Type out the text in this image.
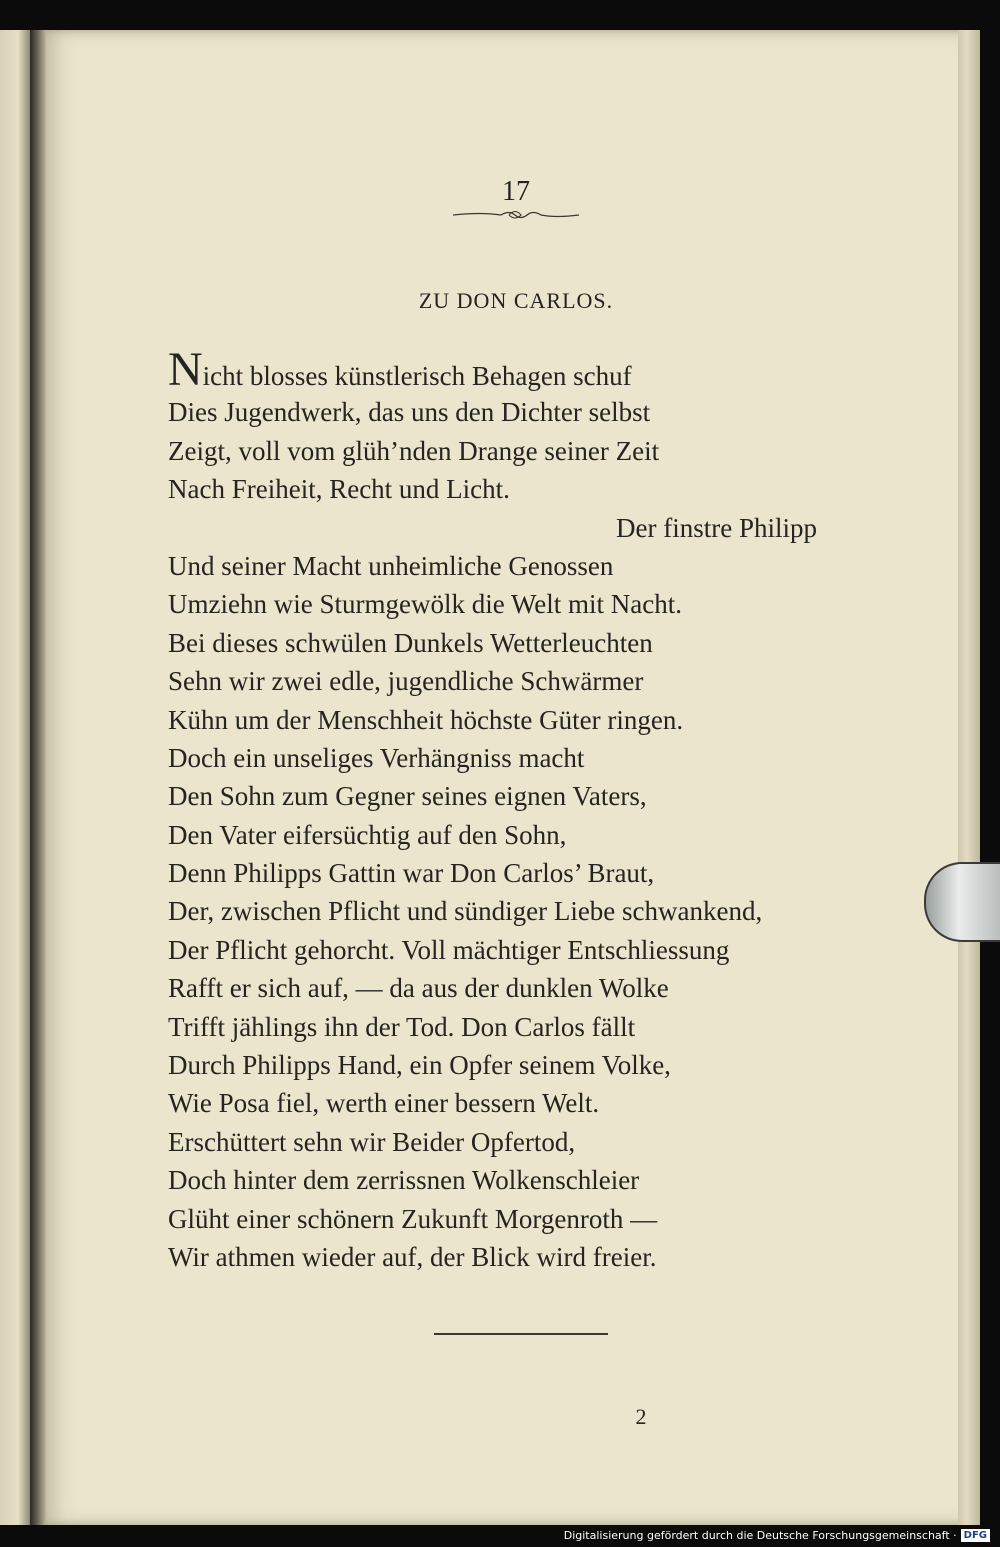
17
ZU DON CARLOS.
Nicht blosses künstlerisch Behagen schuf
Dies Jugendwerk, das uns den Dichter selbst
Zeigt, voll vom glüh’nden Drange seiner Zeit
Nach Freiheit, Recht und Licht.
Der finstre Philipp
Und seiner Macht unheimliche Genossen
Umziehn wie Sturmgewölk die Welt mit Nacht.
Bei dieses schwülen Dunkels Wetterleuchten
Sehn wir zwei edle, jugendliche Schwärmer
Kühn um der Menschheit höchste Güter ringen.
Doch ein unseliges Verhängniss macht
Den Sohn zum Gegner seines eignen Vaters,
Den Vater eifersüchtig auf den Sohn,
Denn Philipps Gattin war Don Carlos’ Braut,
Der, zwischen Pflicht und sündiger Liebe schwankend,
Der Pflicht gehorcht. Voll mächtiger Entschliessung
Rafft er sich auf, — da aus der dunklen Wolke
Trifft jählings ihn der Tod. Don Carlos fällt
Durch Philipps Hand, ein Opfer seinem Volke,
Wie Posa fiel, werth einer bessern Welt.
Erschüttert sehn wir Beider Opfertod,
Doch hinter dem zerrissnen Wolkenschleier
Glüht einer schönern Zukunft Morgenroth —
Wir athmen wieder auf, der Blick wird freier.
2
Digitalisierung gefördert durch die Deutsche Forschungsgemeinschaft · DFG
